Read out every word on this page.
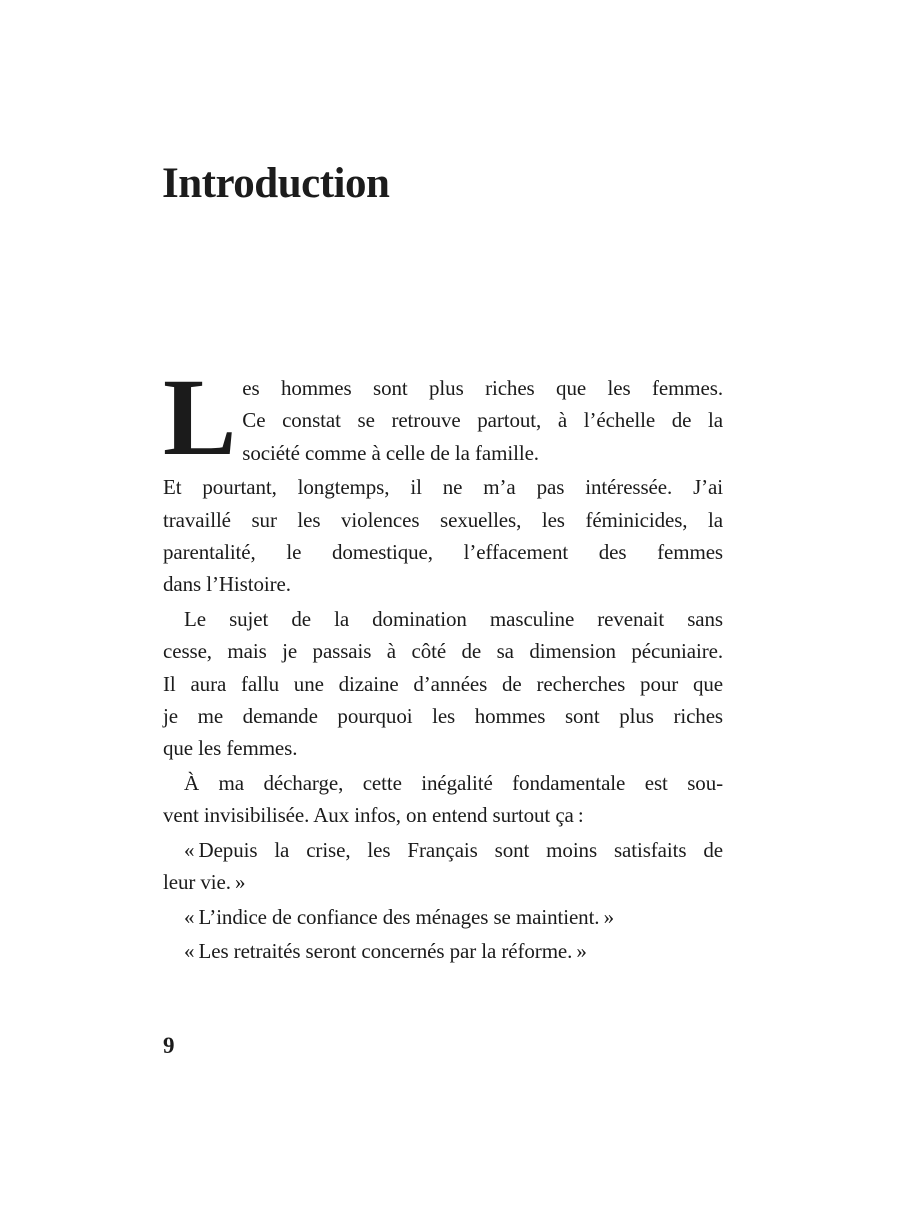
Introduction
L es hommes sont plus riches que les femmes.
Ce constat se retrouve partout, à l’échelle de la
société comme à celle de la famille.
Et pourtant, longtemps, il ne m’a pas intéressée. J’ai
travaillé sur les violences sexuelles, les féminicides, la
parentalité, le domestique, l’effacement des femmes
dans l’Histoire.
Le sujet de la domination masculine revenait sans
cesse, mais je passais à côté de sa dimension pécuniaire.
Il aura fallu une dizaine d’années de recherches pour que
je me demande pourquoi les hommes sont plus riches
que les femmes.
À ma décharge, cette inégalité fondamentale est sou-
vent invisibilisée. Aux infos, on entend surtout ça :
« Depuis la crise, les Français sont moins satisfaits de
leur vie. »
« L’indice de confiance des ménages se maintient. »
« Les retraités seront concernés par la réforme. »
9
